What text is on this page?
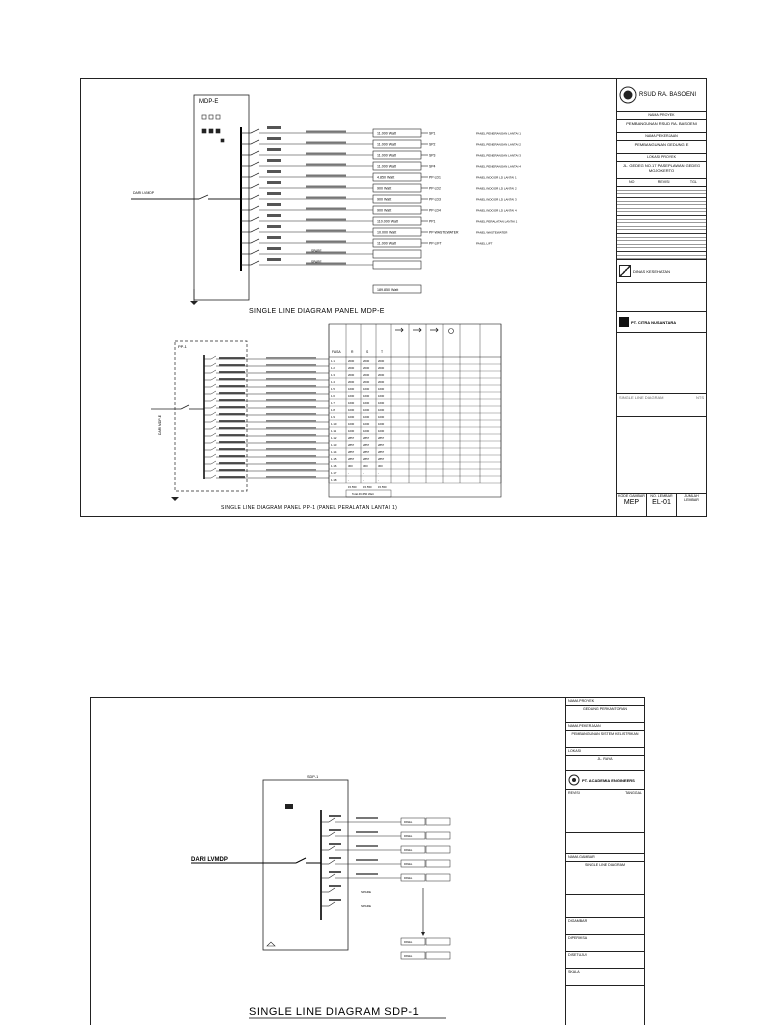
MDP-E
DARI LVMDP
11.000 Watt	SP1	PANEL PENERANGAN LANTAI 1
11.000 Watt	SP2	PANEL PENERANGAN LANTAI 2
11.000 Watt	SP3	PANEL PENERANGAN LANTAI 3
11.000 Watt	SP4	PANEL PENERANGAN LANTAI 4
4.850 Watt	PP-LD1	PANEL INDOOR LD LANTAI 1
900 Watt	PP-LD2	PANEL INDOOR LD LANTAI 2
900 Watt	PP-LD3	PANEL INDOOR LD LANTAI 3
900 Watt	PP-LD4	PANEL INDOOR LD LANTAI 4
110.000 Watt	PP1	PANEL PERALATAN LANTAI 1
10.000 Watt	PP-WASTEWATER	PANEL WASTEWATER
11.000 Watt	PP-LIFT	PANEL LIFT
SPARE
SPARE
189.850 Watt
SINGLE LINE DIAGRAM PANEL MDP-E
PP-1
DARI MDP-E
FASA	R	S	T
1.1	2000	2000	2000
1.2	2000	2000	2000
1.3	2000	2000	2000
1.4	2000	2000	2000
1.5	1600	1600	1600
1.6	1600	1600	1600
1.7	1600	1600	1600
1.8	1000	1000	1000
1.9	1000	1000	1000
1.10	1000	1000	1000
1.11	1000	1000	1000
1.12	2857	2857	2857
1.13	2857	2857	2857
1.14	2857	2857	2857
1.15	2857	2857	2857
1.16	300	300	300
1.17	-	-	-
1.18	-	-	-
15.550 15.550 15.550
Total 46.650 Watt
SINGLE LINE DIAGRAM PANEL PP-1 (PANEL PERALATAN LANTAI 1)
RSUD RA. BASOENI
NAMA PROYEK
PEMBANGUNAN RSUD RA. BASOENI
NAMA PEKERJAAN
PEMBANGUNAN GEDUNG E
LOKASI PROYEK
JL. GEDEG NO.17 PASEPLAWAN GEDEG MOJOKERTO
NO	REVISI	TGL
DINAS KESEHATAN
PT. CITRA NUSANTARA
SINGLE LINE DIAGRAM	NTS
KODE GAMBAR
MEP
NO. LEMBAR
EL-01
JUMLAH LEMBAR
SDP-1
DARI LVMDP
PANEL
PANEL
PANEL
PANEL
PANEL
SPARE
SPARE
PANEL
PANEL
SINGLE LINE DIAGRAM SDP-1
NAMA PROYEK
GEDUNG PERKANTORAN
NAMA PEKERJAAN
PEMBANGUNAN SISTEM KELISTRIKAN
LOKASI
JL. RAYA
PT. ACADEMIA ENGINEERS
REVISI	TANGGAL
NAMA GAMBAR
SINGLE LINE DIAGRAM
DIGAMBAR
DIPERIKSA
DISETUJUI
SKALA
